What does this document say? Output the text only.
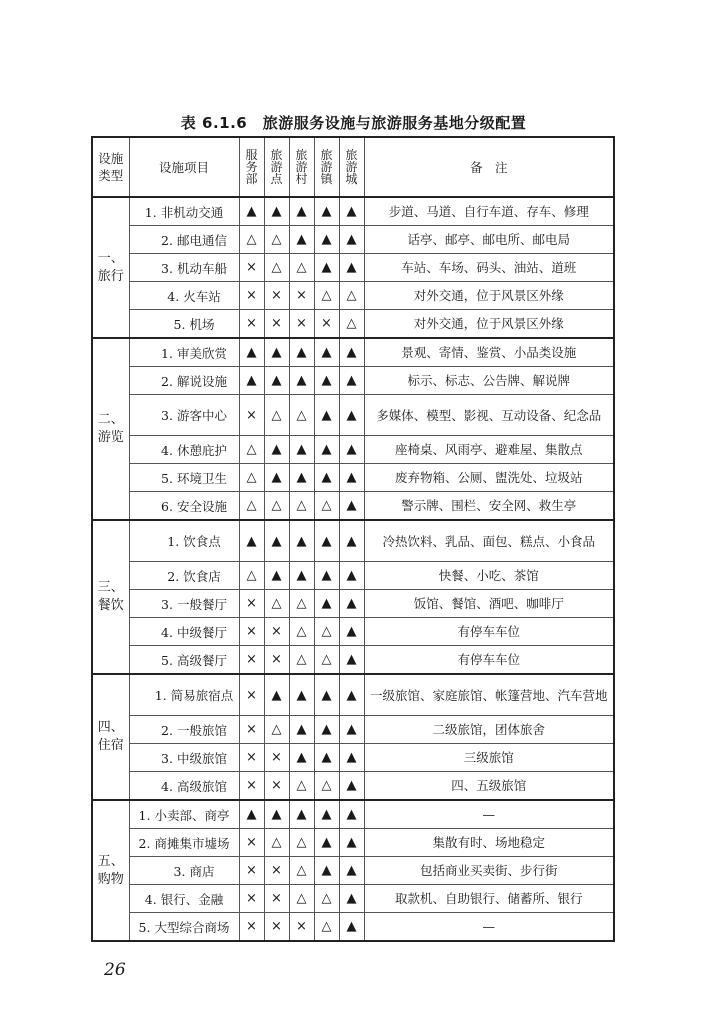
表 6.1.6　旅游服务设施与旅游服务基地分级配置
设施类型	设施项目	服务部	旅游点	旅游村	旅游镇	旅游城	备　注
一、旅行	1. 非机动交通	▲	▲	▲	▲	▲	步道、马道、自行车道、存车、修理
	2. 邮电通信	△	△	▲	▲	▲	话亭、邮亭、邮电所、邮电局
	3. 机动车船	×	△	△	▲	▲	车站、车场、码头、油站、道班
	4. 火车站	×	×	×	△	△	对外交通，位于风景区外缘
	5. 机场	×	×	×	×	△	对外交通，位于风景区外缘
二、游览	1. 审美欣赏	▲	▲	▲	▲	▲	景观、寄情、鉴赏、小品类设施
	2. 解说设施	▲	▲	▲	▲	▲	标示、标志、公告牌、解说牌
	3. 游客中心	×	△	△	▲	▲	多媒体、模型、影视、互动设备、纪念品
	4. 休憩庇护	△	▲	▲	▲	▲	座椅桌、风雨亭、避难屋、集散点
	5. 环境卫生	△	▲	▲	▲	▲	废弃物箱、公厕、盥洗处、垃圾站
	6. 安全设施	△	△	△	△	▲	警示牌、围栏、安全网、救生亭
三、餐饮	1. 饮食点	▲	▲	▲	▲	▲	冷热饮料、乳品、面包、糕点、小食品
	2. 饮食店	△	▲	▲	▲	▲	快餐、小吃、茶馆
	3. 一般餐厅	×	△	△	▲	▲	饭馆、餐馆、酒吧、咖啡厅
	4. 中级餐厅	×	×	△	△	▲	有停车车位
	5. 高级餐厅	×	×	△	△	▲	有停车车位
四、住宿	1. 简易旅宿点	×	▲	▲	▲	▲	一级旅馆、家庭旅馆、帐篷营地、汽车营地
	2. 一般旅馆	×	△	▲	▲	▲	二级旅馆，团体旅舍
	3. 中级旅馆	×	×	▲	▲	▲	三级旅馆
	4. 高级旅馆	×	×	△	△	▲	四、五级旅馆
五、购物	1. 小卖部、商亭	▲	▲	▲	▲	▲	—
	2. 商摊集市墟场	×	△	△	▲	▲	集散有时、场地稳定
	3. 商店	×	×	△	▲	▲	包括商业买卖街、步行街
	4. 银行、金融	×	×	△	△	▲	取款机、自助银行、储蓄所、银行
	5. 大型综合商场	×	×	×	△	▲	—
26
